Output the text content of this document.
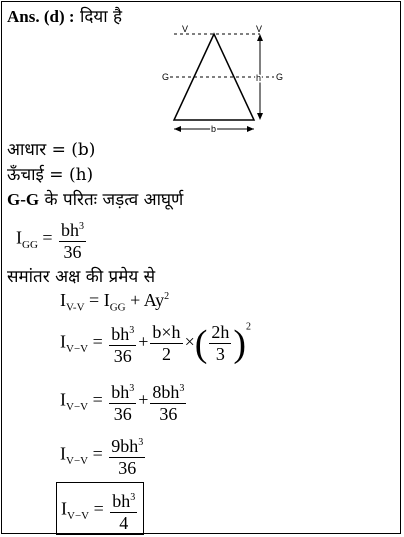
Ans. (d) : दिया है
V	V
G	G
h
b
आधार = (b)
ऊँचाई = (h)
G-G के परितः जड़त्व आघूर्ण
$I_{GG} = \frac{bh^3}{36}$
समांतर अक्ष की प्रमेय से
$I_{V-V} = I_{GG} + Ay^2$
$I_{V-V} = \frac{bh^3}{36} + \frac{b\times h}{2}$ ×( $\frac{2h}{3} )^2$
$I_{V-V} = \frac{bh^3}{36} + \frac{8bh^3}{36}$
$I_{V-V} = \frac{9bh^3}{36}$
$I_{V-V} = \frac{bh^3}{4}$
